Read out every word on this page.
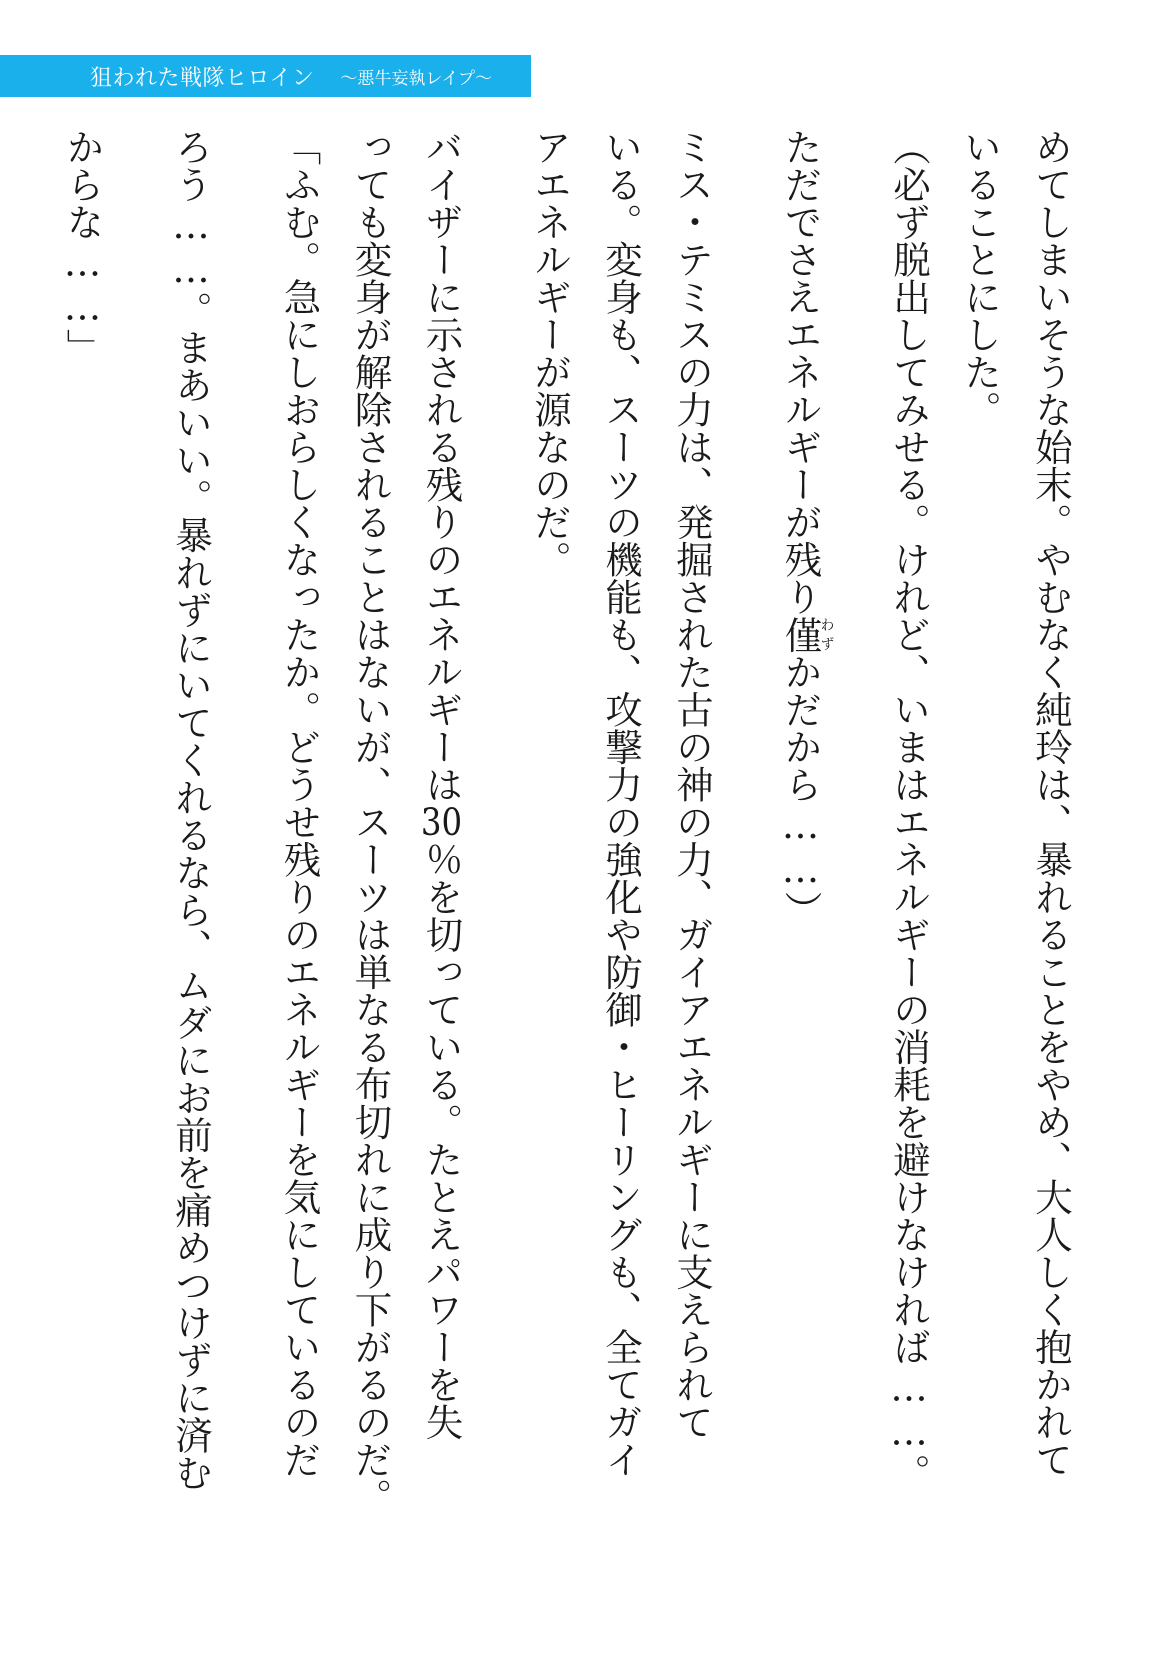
狙われた戦隊ヒロイン 〜悪牛妄執レイプ〜
めてしまいそうな始末。やむなく純玲は、暴れることをやめ、大人しく抱かれて
いることにした。
（必ず脱出してみせる。けれど、いまはエネルギーの消耗を避けなければ……。
ただでさえエネルギーが残り僅わずかだから……）
ミス・テミスの力は、発掘された古の神の力、ガイアエネルギーに支えられて
いる。変身も、スーツの機能も、攻撃力の強化や防御・ヒーリングも、全てガイ
アエネルギーが源なのだ。
バイザーに示される残りのエネルギーは30％を切っている。たとえパワーを失
っても変身が解除されることはないが、スーツは単なる布切れに成り下がるのだ。
「ふむ。急にしおらしくなったか。どうせ残りのエネルギーを気にしているのだ
ろう……。まあいい。暴れずにいてくれるなら、ムダにお前を痛めつけずに済む
からな……」
